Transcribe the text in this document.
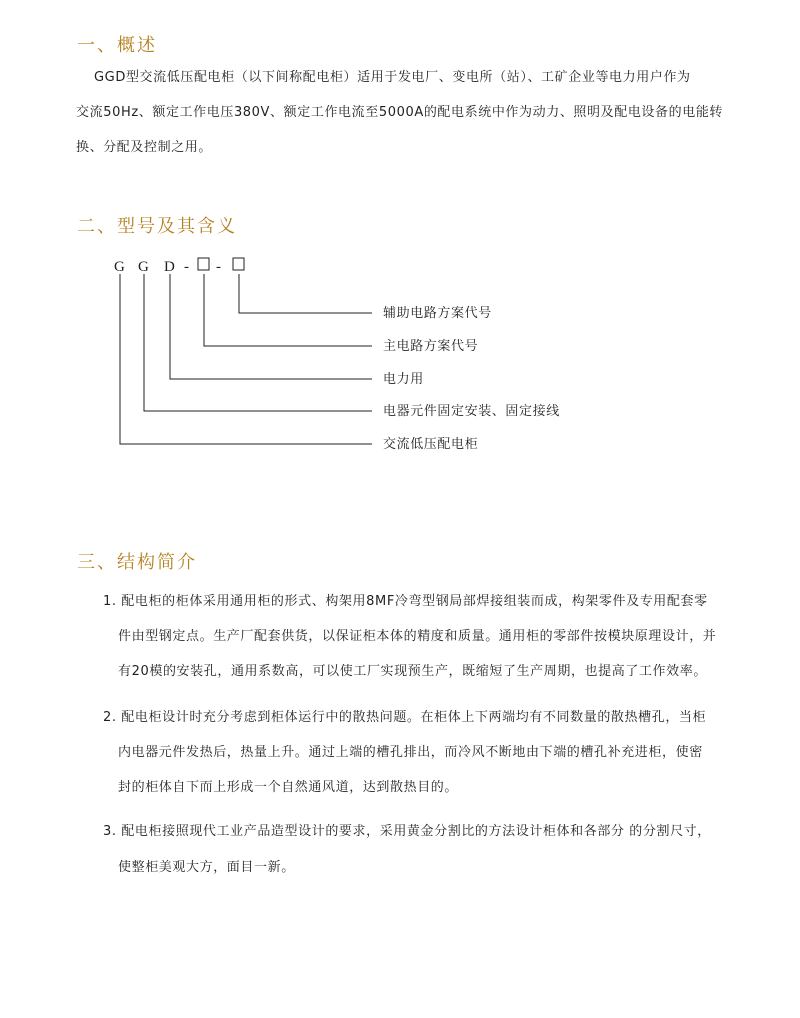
一、概述
GGD型交流低压配电柜（以下间称配电柜）适用于发电厂、变电所（站）、工矿企业等电力用户作为
交流50Hz、额定工作电压380V、额定工作电流至5000A的配电系统中作为动力、照明及配电设备的电能转
换、分配及控制之用。
二、型号及其含义
G G D - -
辅助电路方案代号
主电路方案代号
电力用
电器元件固定安装、固定接线
交流低压配电柜
三、结构简介
1. 配电柜的柜体采用通用柜的形式、构架用8MF冷弯型钢局部焊接组装而成，构架零件及专用配套零
件由型钢定点。生产厂配套供货，以保证柜本体的精度和质量。通用柜的零部件按模块原理设计，并
有20模的安装孔，通用系数高，可以使工厂实现预生产，既缩短了生产周期，也提高了工作效率。
2. 配电柜设计时充分考虑到柜体运行中的散热问题。在柜体上下两端均有不同数量的散热槽孔，当柜
内电器元件发热后，热量上升。通过上端的槽孔排出，而冷风不断地由下端的槽孔补充进柜，使密
封的柜体自下而上形成一个自然通风道，达到散热目的。
3. 配电柜接照现代工业产品造型设计的要求，采用黄金分割比的方法设计柜体和各部分 的分割尺寸，
使整柜美观大方，面目一新。
